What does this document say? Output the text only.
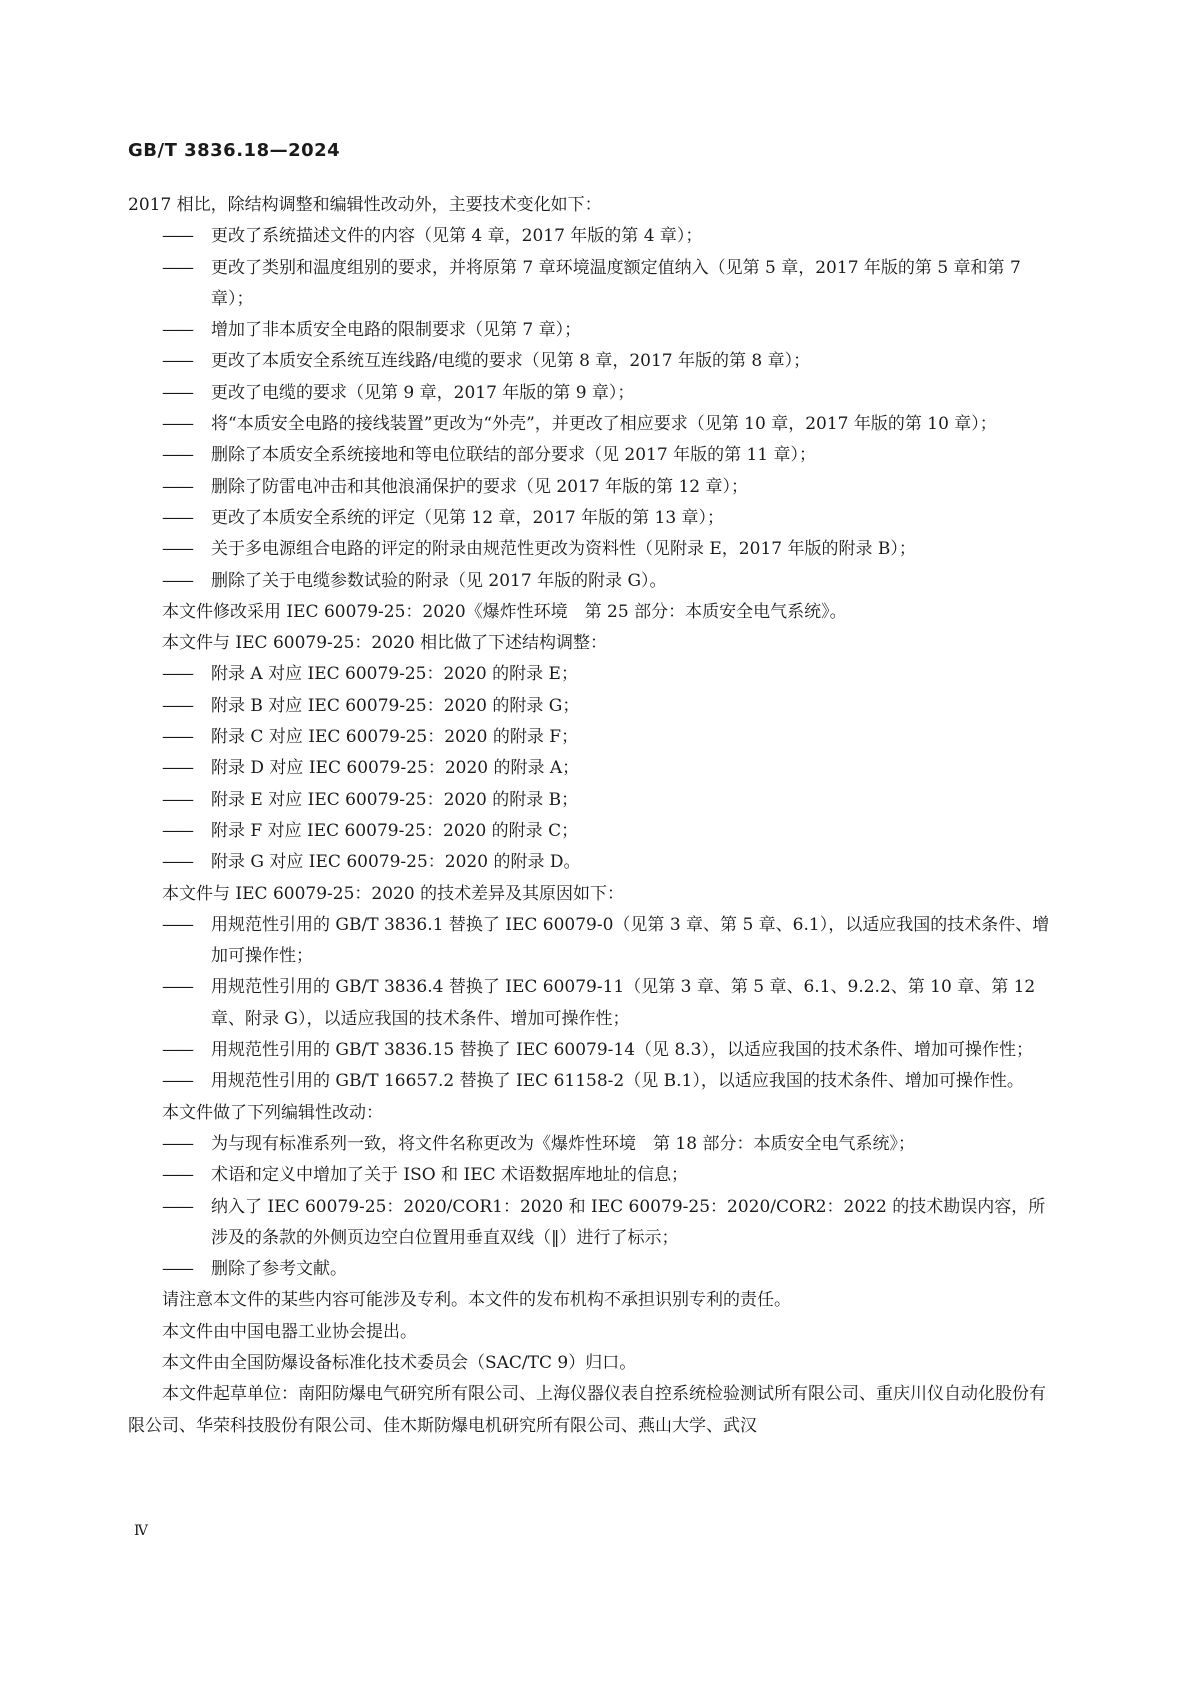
GB/T 3836.18—2024

2017 相比，除结构调整和编辑性改动外，主要技术变化如下：

—— 更改了系统描述文件的内容（见第 4 章，2017 年版的第 4 章）；

—— 更改了类别和温度组别的要求，并将原第 7 章环境温度额定值纳入（见第 5 章，2017 年版的第 5 章和第 7 章）；

—— 增加了非本质安全电路的限制要求（见第 7 章）；

—— 更改了本质安全系统互连线路/电缆的要求（见第 8 章，2017 年版的第 8 章）；

—— 更改了电缆的要求（见第 9 章，2017 年版的第 9 章）；

—— 将“本质安全电路的接线装置”更改为“外壳”，并更改了相应要求（见第 10 章，2017 年版的第 10 章）；

—— 删除了本质安全系统接地和等电位联结的部分要求（见 2017 年版的第 11 章）；

—— 删除了防雷电冲击和其他浪涌保护的要求（见 2017 年版的第 12 章）；

—— 更改了本质安全系统的评定（见第 12 章，2017 年版的第 13 章）；

—— 关于多电源组合电路的评定的附录由规范性更改为资料性（见附录 E，2017 年版的附录 B）；

—— 删除了关于电缆参数试验的附录（见 2017 年版的附录 G）。

本文件修改采用 IEC 60079-25：2020《爆炸性环境　第 25 部分：本质安全电气系统》。

本文件与 IEC 60079-25：2020 相比做了下述结构调整：

—— 附录 A 对应 IEC 60079-25：2020 的附录 E；

—— 附录 B 对应 IEC 60079-25：2020 的附录 G；

—— 附录 C 对应 IEC 60079-25：2020 的附录 F；

—— 附录 D 对应 IEC 60079-25：2020 的附录 A；

—— 附录 E 对应 IEC 60079-25：2020 的附录 B；

—— 附录 F 对应 IEC 60079-25：2020 的附录 C；

—— 附录 G 对应 IEC 60079-25：2020 的附录 D。

本文件与 IEC 60079-25：2020 的技术差异及其原因如下：

—— 用规范性引用的 GB/T 3836.1 替换了 IEC 60079-0（见第 3 章、第 5 章、6.1），以适应我国的技术条件、增加可操作性；

—— 用规范性引用的 GB/T 3836.4 替换了 IEC 60079-11（见第 3 章、第 5 章、6.1、9.2.2、第 10 章、第 12 章、附录 G），以适应我国的技术条件、增加可操作性；

—— 用规范性引用的 GB/T 3836.15 替换了 IEC 60079-14（见 8.3），以适应我国的技术条件、增加可操作性；

—— 用规范性引用的 GB/T 16657.2 替换了 IEC 61158-2（见 B.1），以适应我国的技术条件、增加可操作性。

本文件做了下列编辑性改动：

—— 为与现有标准系列一致，将文件名称更改为《爆炸性环境　第 18 部分：本质安全电气系统》；

—— 术语和定义中增加了关于 ISO 和 IEC 术语数据库地址的信息；

—— 纳入了 IEC 60079-25：2020/COR1：2020 和 IEC 60079-25：2020/COR2：2022 的技术勘误内容，所涉及的条款的外侧页边空白位置用垂直双线（‖）进行了标示；

—— 删除了参考文献。

请注意本文件的某些内容可能涉及专利。本文件的发布机构不承担识别专利的责任。

本文件由中国电器工业协会提出。

本文件由全国防爆设备标准化技术委员会（SAC/TC 9）归口。

本文件起草单位：南阳防爆电气研究所有限公司、上海仪器仪表自控系统检验测试所有限公司、重庆川仪自动化股份有限公司、华荣科技股份有限公司、佳木斯防爆电机研究所有限公司、燕山大学、武汉

Ⅳ
